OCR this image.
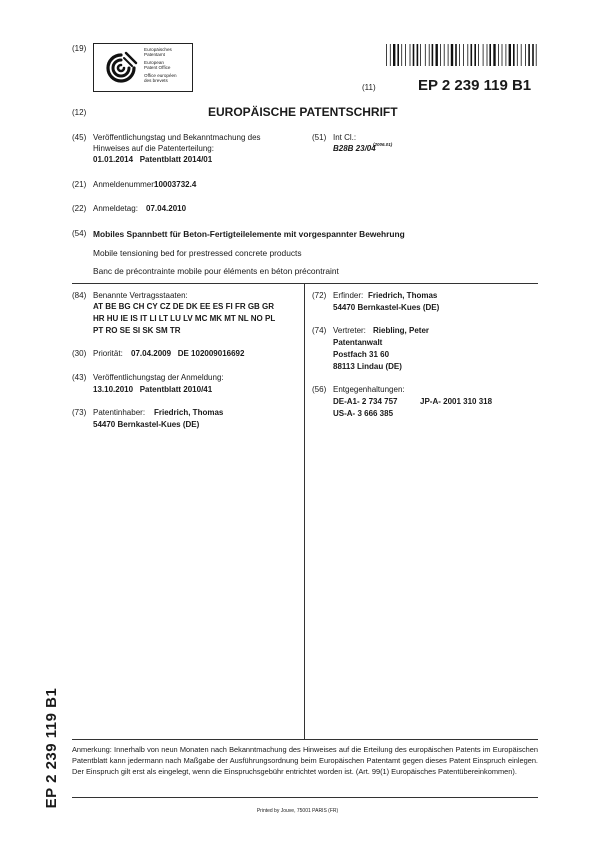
(19)	Europäisches
Patentamt
European
Patent Office
Office européen
des brevets
(11)	EP 2 239 119 B1
(12)	EUROPÄISCHE PATENTSCHRIFT
(45) Veröffentlichungstag und Bekanntmachung des
Hinweises auf die Patenterteilung:
01.01.2014   Patentblatt 2014/01
(51) Int Cl.:
B28B 23/04
(2006.01)
(21) Anmeldenummer:
10003732.4
(22) Anmeldetag: 07.04.2010
(54) Mobiles Spannbett für Beton-Fertigteilelemente mit vorgespannter Bewehrung
Mobile tensioning bed for prestressed concrete products
Banc de précontrainte mobile pour éléments en béton précontraint
(84) Benannte Vertragsstaaten:
AT BE BG CH CY CZ DE DK EE ES FI FR GB GR
HR HU IE IS IT LI LT LU LV MC MK MT NL NO PL
PT RO SE SI SK SM TR
(30) Priorität: 07.04.2009   DE 102009016692
(43) Veröffentlichungstag der Anmeldung:
13.10.2010   Patentblatt 2010/41
(73) Patentinhaber: Friedrich, Thomas
54470 Bernkastel-Kues (DE)
(72) Erfinder: Friedrich, Thomas
54470 Bernkastel-Kues (DE)
(74) Vertreter: Riebling, Peter
Patentanwalt
Postfach 31 60
88113 Lindau (DE)
(56) Entgegenhaltungen:
DE-A1- 2 734 757	JP-A- 2001 310 318
US-A- 3 666 385
EP 2 239 119 B1	Anmerkung: Innerhalb von neun Monaten nach Bekanntmachung des Hinweises auf die Erteilung des europäischen Patents im Europäischen Patentblatt kann jedermann nach Maßgabe der Ausführungsordnung beim Europäischen Patentamt gegen dieses Patent Einspruch einlegen. Der Einspruch gilt erst als eingelegt, wenn die Einspruchsgebühr entrichtet worden ist. (Art. 99(1) Europäisches Patentübereinkommen).
Printed by Jouve, 75001 PARIS (FR)
